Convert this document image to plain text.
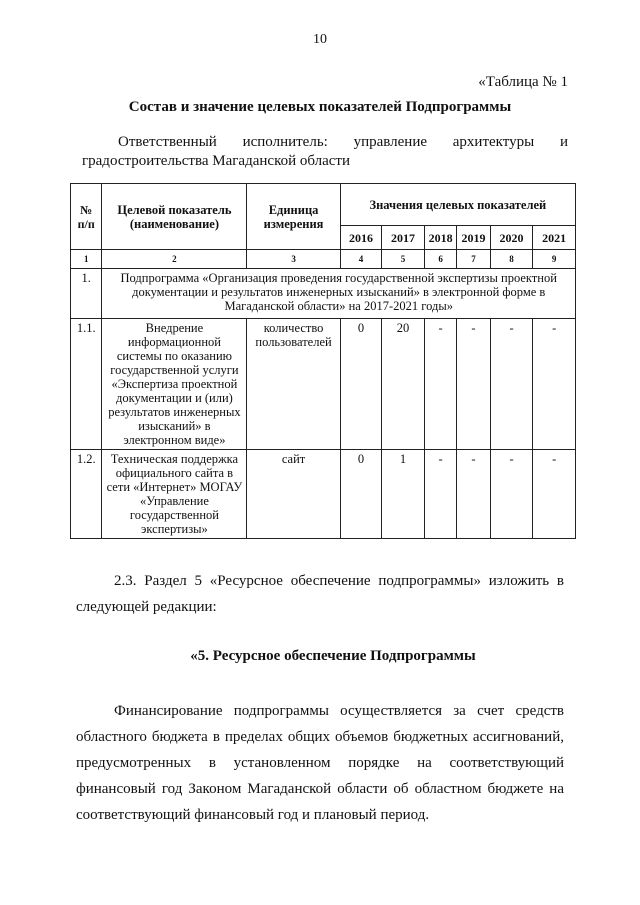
10
«Таблица № 1
Состав и значение целевых показателей Подпрограммы
Ответственный исполнитель: управление архитектуры и
градостроительства Магаданской области
№ п/п	Целевой показатель (наименование)	Единица измерения	Значения целевых показателей					
			2016	2017	2018	2019	2020	2021
1	2	3	4	5	6	7	8	9
1.	Подпрограмма «Организация проведения государственной экспертизы проектной документации и результатов инженерных изысканий» в электронной форме в Магаданской области» на 2017-2021 годы»							
1.1.	Внедрение информационной системы по оказанию государственной услуги «Экспертиза проектной документации и (или) результатов инженерных изысканий» в электронном виде»	количество пользователей	0	20	-	-	-	-
1.2.	Техническая поддержка официального сайта в сети «Интернет» МОГАУ «Управление государственной экспертизы»	сайт	0	1	-	-	-	-
2.3. Раздел 5 «Ресурсное обеспечение подпрограммы» изложить в
следующей редакции:
«5. Ресурсное обеспечение Подпрограммы
Финансирование подпрограммы осуществляется за счет средств
областного бюджета в пределах общих объемов бюджетных ассигнований,
предусмотренных в установленном порядке на соответствующий
финансовый год Законом Магаданской области об областном бюджете на
соответствующий финансовый год и плановый период.
